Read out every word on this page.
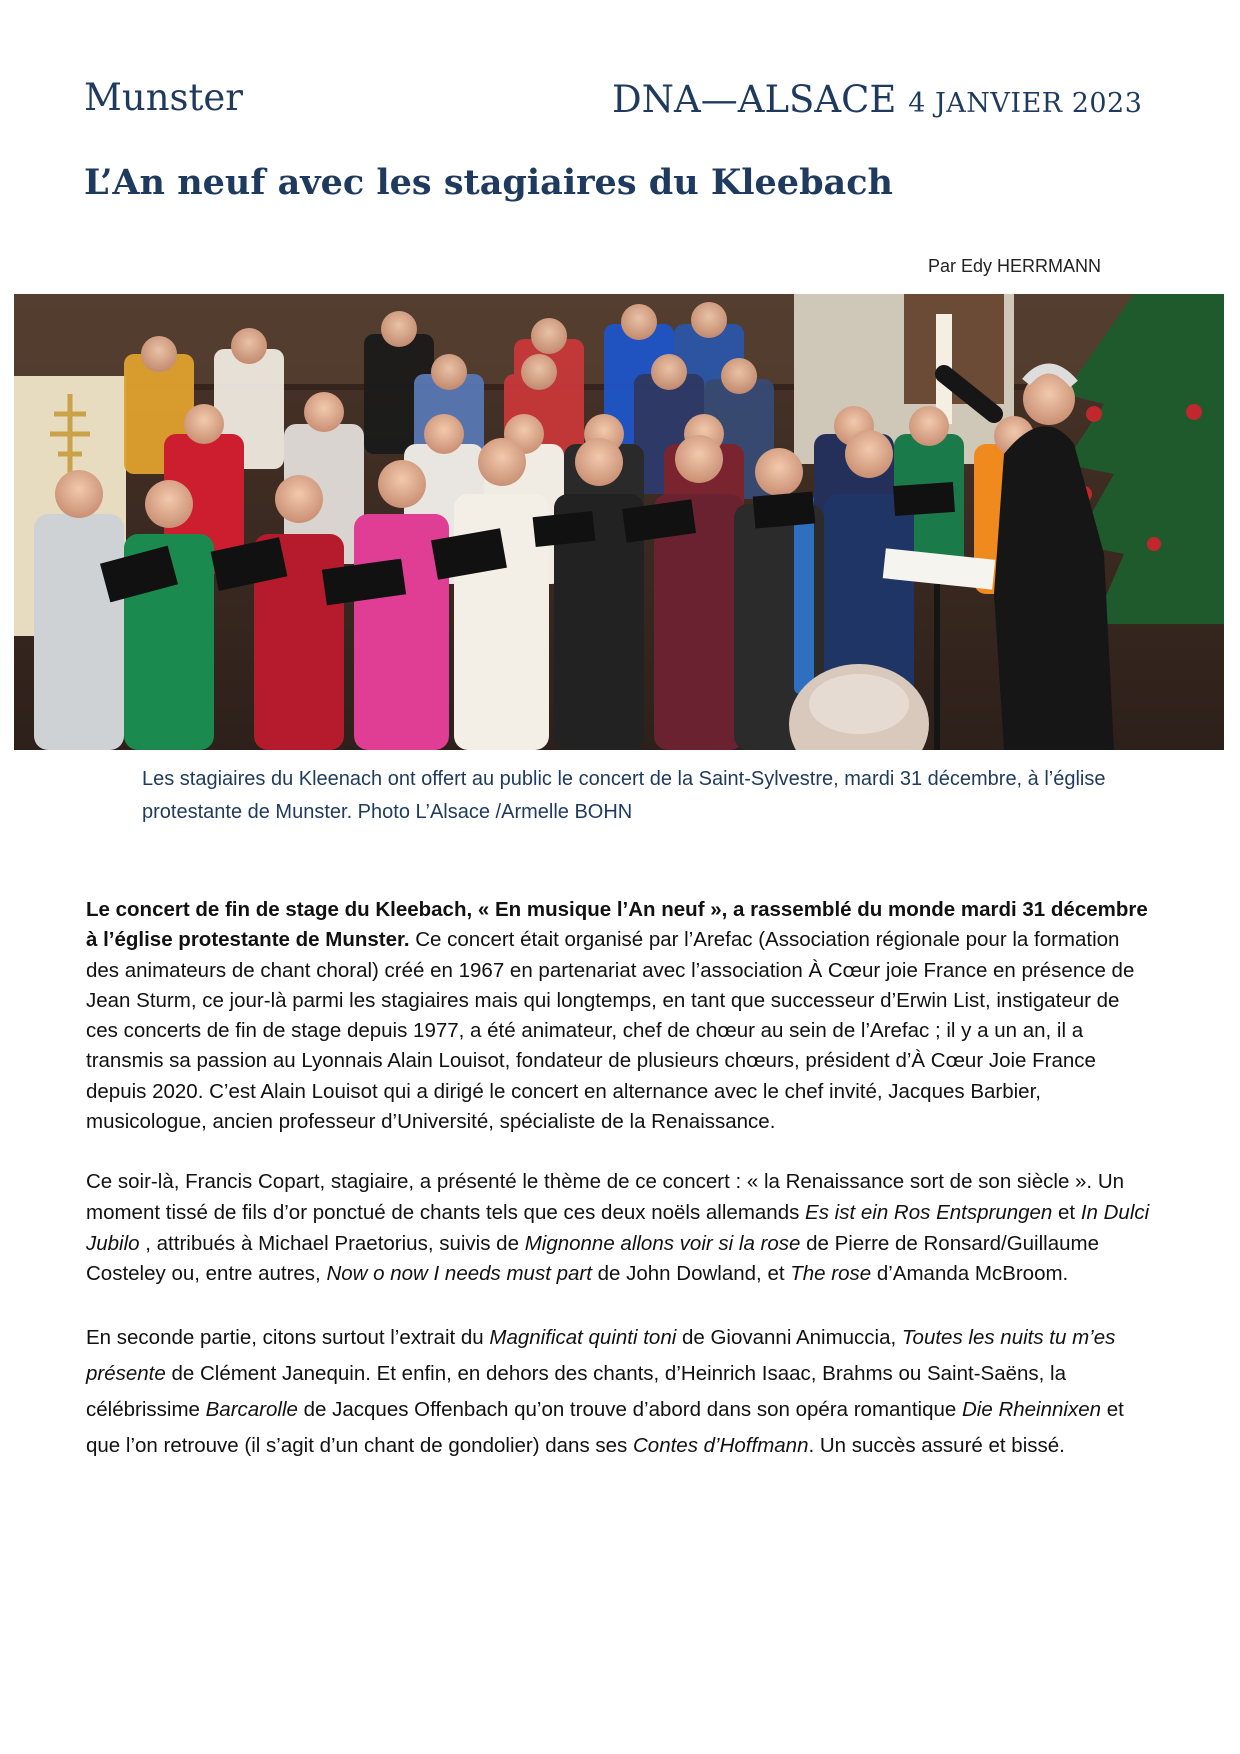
Munster	DNA—ALSACE 4 JANVIER 2023
L’An neuf avec les stagiaires du Kleebach
Par Edy HERRMANN
Les stagiaires du Kleenach ont offert au public le concert de la Saint-Sylvestre, mardi 31 décembre, à l’église protestante de Munster. Photo L’Alsace /Armelle BOHN

Le concert de fin de stage du Kleebach, « En musique l’An neuf », a rassemblé du monde mardi 31 décembre à l’église protestante de Munster. Ce concert était organisé par l’Arefac (Association régionale pour la formation des animateurs de chant choral) créé en 1967 en partenariat avec l’association À Cœur joie France en présence de Jean Sturm, ce jour-là parmi les stagiaires mais qui longtemps, en tant que successeur d’Erwin List, instigateur de ces concerts de fin de stage depuis 1977, a été animateur, chef de chœur au sein de l’Arefac ; il y a un an, il a transmis sa passion au Lyonnais Alain Louisot, fondateur de plusieurs chœurs, président d’À Cœur Joie France depuis 2020. C’est Alain Louisot qui a dirigé le concert en alternance avec le chef invité, Jacques Barbier, musicologue, ancien professeur d’Université, spécialiste de la Renaissance.

Ce soir-là, Francis Copart, stagiaire, a présenté le thème de ce concert : « la Renaissance sort de son siècle ». Un moment tissé de fils d’or ponctué de chants tels que ces deux noëls allemands Es ist ein Ros Entsprungen et In Dulci Jubilo , attribués à Michael Praetorius, suivis de Mignonne allons voir si la rose de Pierre de Ronsard/Guillaume Costeley ou, entre autres, Now o now I needs must part de John Dowland, et The rose d’Amanda McBroom.

En seconde partie, citons surtout l’extrait du Magnificat quinti toni de Giovanni Animuccia, Toutes les nuits tu m’es présente de Clément Janequin. Et enfin, en dehors des chants, d’Heinrich Isaac, Brahms ou Saint-Saëns, la célébrissime Barcarolle de Jacques Offenbach qu’on trouve d’abord dans son opéra romantique Die Rheinnixen et que l’on retrouve (il s’agit d’un chant de gondolier) dans ses Contes d’Hoffmann. Un succès assuré et bissé.
